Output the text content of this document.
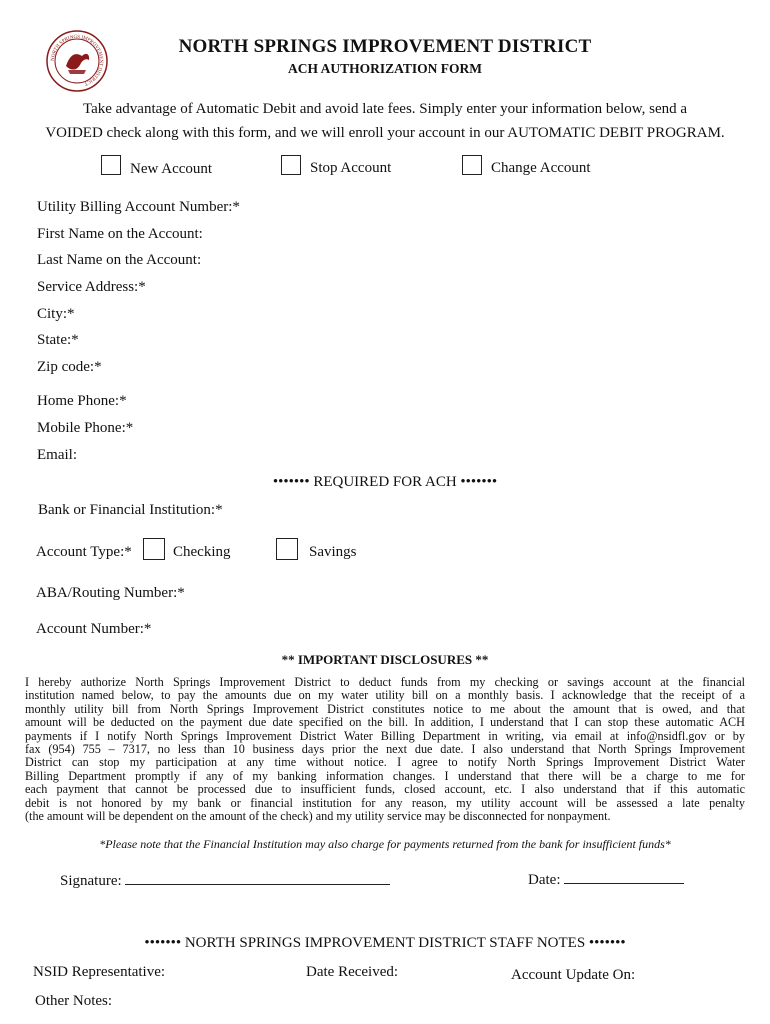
NORTH SPRINGS IMPROVEMENT DISTRICT
NORTH SPRINGS IMPROVEMENT DISTRICT
ACH AUTHORIZATION FORM
Take advantage of Automatic Debit and avoid late fees. Simply enter your information below, send a
VOIDED check along with this form, and we will enroll your account in our AUTOMATIC DEBIT PROGRAM.
New Account	Stop Account	Change Account
Utility Billing Account Number:*
First Name on the Account:
Last Name on the Account:
Service Address:*
City:*
State:*
Zip code:*
Home Phone:*
Mobile Phone:*
Email:
••••••• REQUIRED FOR ACH •••••••
Bank or Financial Institution:*
Account Type:*	Checking	Savings
ABA/Routing Number:*
Account Number:*
** IMPORTANT DISCLOSURES **
I hereby authorize North Springs Improvement District to deduct funds from my checking or savings account at the financial
institution named below, to pay the amounts due on my water utility bill on a monthly basis. I acknowledge that the receipt of a
monthly utility bill from North Springs Improvement District constitutes notice to me about the amount that is owed, and that
amount will be deducted on the payment due date specified on the bill. In addition, I understand that I can stop these automatic ACH
payments if I notify North Springs Improvement District Water Billing Department in writing, via email at info@nsidfl.gov or by
fax (954) 755 – 7317, no less than 10 business days prior the next due date. I also understand that North Springs Improvement
District can stop my participation at any time without notice. I agree to notify North Springs Improvement District Water
Billing Department promptly if any of my banking information changes. I understand that there will be a charge to me for
each payment that cannot be processed due to insufficient funds, closed account, etc. I also understand that if this automatic
debit is not honored by my bank or financial institution for any reason, my utility account will be assessed a late penalty
(the amount will be dependent on the amount of the check) and my utility service may be disconnected for nonpayment.
*Please note that the Financial Institution may also charge for payments returned from the bank for insufficient funds*
Signature:	Date:
••••••• NORTH SPRINGS IMPROVEMENT DISTRICT STAFF NOTES •••••••
NSID Representative:	Date Received:	Account Update On:
Other Notes:
